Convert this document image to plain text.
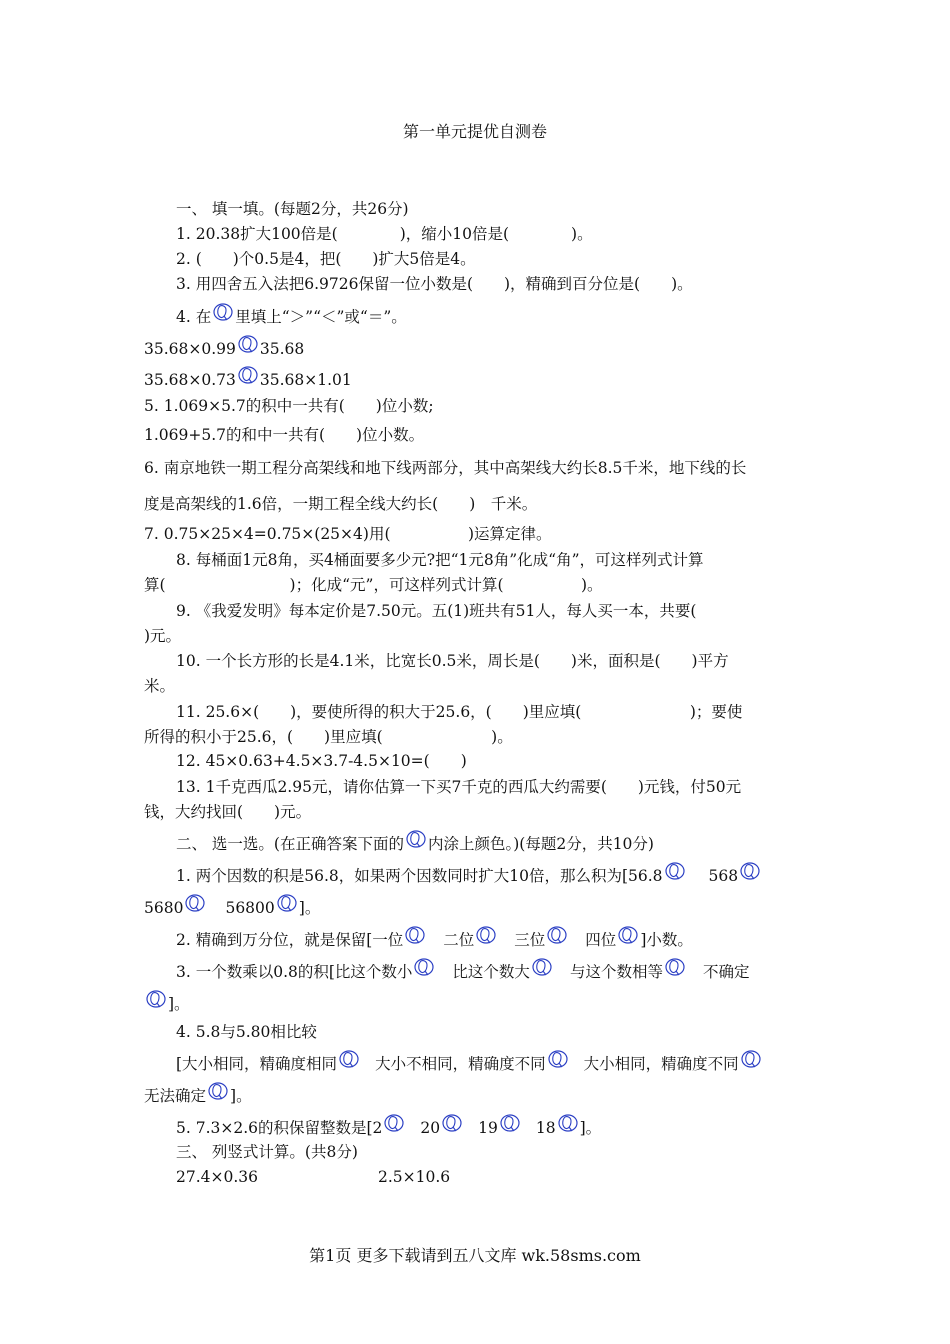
第一单元提优自测卷
一、 填一填。(每题2分，共26分)
1. 20.38扩大100倍是(　　　　)，缩小10倍是(　　　　)。
2. (　　)个0.5是4，把(　　)扩大5倍是4。
3. 用四舍五入法把6.9726保留一位小数是(　　)，精确到百分位是(　　)。
4. 在 里填上“＞”“＜”或“＝”。
35.68×0.99 35.68
35.68×0.73 35.68×1.01
5. 1.069×5.7的积中一共有(　　)位小数;
1.069+5.7的和中一共有(　　)位小数。
6. 南京地铁一期工程分高架线和地下线两部分，其中高架线大约长8.5千米，地下线的长
度是高架线的1.6倍，一期工程全线大约长(　　)　千米。
7. 0.75×25×4=0.75×(25×4)用(　　　　　)运算定律。
8. 每桶面1元8角，买4桶面要多少元?把“1元8角”化成“角”，可这样列式计算
算(　　　　　　　　)；化成“元”，可这样列式计算(　　　　　)。
9. 《我爱发明》每本定价是7.50元。五(1)班共有51人，每人买一本，共要(
)元。
10. 一个长方形的长是4.1米，比宽长0.5米，周长是(　　)米，面积是(　　)平方
米。
11. 25.6×(　　)，要使所得的积大于25.6，(　　)里应填(　　　　　　　)；要使
所得的积小于25.6，(　　)里应填(　　　　　　　)。
12. 45×0.63+4.5×3.7-4.5×10=(　　)
13. 1千克西瓜2.95元，请你估算一下买7千克的西瓜大约需要(　　)元钱，付50元
钱，大约找回(　　)元。
二、 选一选。(在正确答案下面的 内涂上颜色。)(每题2分，共10分)
1. 两个因数的积是56.8，如果两个因数同时扩大10倍，那么积为[56.8	568
5680	56800 ]。
2. 精确到万分位，就是保留[一位	二位	三位	四位 ]小数。
3. 一个数乘以0.8的积[比这个数小	比这个数大	与这个数相等	不确定
]。
4. 5.8与5.80相比较
[大小相同，精确度相同 大小不相同，精确度不同 大小相同，精确度不同
无法确定 ]。
5. 7.3×2.6的积保留整数是[2 20 19 18 ]。
三、 列竖式计算。(共8分)
27.4×0.36	2.5×10.6
第1页 更多下载请到五八文库 wk.58sms.com
